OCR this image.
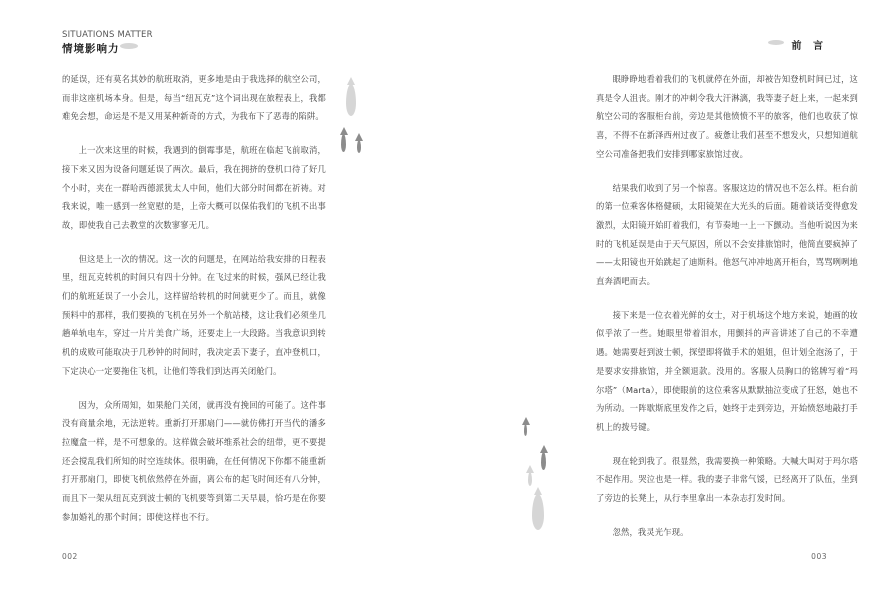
SITUATIONS MATTER
情境影响力

的延误，还有莫名其妙的航班取消，更多地是由于我选择的航空公司，而非这座机场本身。但是，每当“纽瓦克”这个词出现在旅程表上，我都难免会想，命运是不是又用某种新奇的方式，为我布下了恶毒的陷阱。

上一次来这里的时候，我遇到的倒霉事是，航班在临起飞前取消，接下来又因为设备问题延误了两次。最后，我在拥挤的登机口待了好几个小时，夹在一群哈西德派犹太人中间，他们大部分时间都在祈祷。对我来说，唯一感到一丝宽慰的是，上帝大概可以保佑我们的飞机不出事故，即使我自己去教堂的次数寥寥无几。

但这是上一次的情况。这一次的问题是，在网站给我安排的日程表里，纽瓦克转机的时间只有四十分钟。在飞过来的时候，强风已经让我们的航班延误了一小会儿，这样留给转机的时间就更少了。而且，就像预料中的那样，我们要换的飞机在另外一个航站楼，这让我们必须坐几趟单轨电车，穿过一片片美食广场，还要走上一大段路。当我意识到转机的成败可能取决于几秒钟的时间时，我决定丢下妻子，直冲登机口，下定决心一定要拖住飞机，让他们等我们到达再关闭舱门。

因为，众所周知，如果舱门关闭，就再没有挽回的可能了。这件事没有商量余地，无法逆转。重新打开那扇门——就仿佛打开当代的潘多拉魔盒一样，是不可想象的。这样做会破坏维系社会的纽带，更不要提还会搅乱我们所知的时空连续体。很明确，在任何情况下你都不能重新打开那扇门，即使飞机依然停在外面，离公布的起飞时间还有八分钟，而且下一架从纽瓦克到波士顿的飞机要等到第二天早晨，恰巧是在你要参加婚礼的那个时间；即使这样也不行。

002
前 言

眼睁睁地看着我们的飞机就停在外面，却被告知登机时间已过，这真是令人沮丧。刚才的冲刺令我大汗淋漓，我等妻子赶上来，一起来到航空公司的客服柜台前，旁边是其他愤愤不平的旅客，他们也收获了惊喜，不得不在新泽西州过夜了。疲惫让我们甚至不想发火，只想知道航空公司准备把我们安排到哪家旅馆过夜。

结果我们收到了另一个惊喜。客服这边的情况也不怎么样。柜台前的第一位乘客体格健硕，太阳镜架在大光头的后面。随着谈话变得愈发激烈，太阳镜开始盯着我们，有节奏地一上一下颤动。当他听说因为来时的飞机延误是由于天气原因，所以不会安排旅馆时，他简直要疯掉了——太阳镜也开始跳起了迪斯科。他怒气冲冲地离开柜台，骂骂咧咧地直奔酒吧而去。

接下来是一位衣着光鲜的女士，对于机场这个地方来说，她画的妆似乎浓了一些。她眼里带着泪水，用颤抖的声音讲述了自己的不幸遭遇。她需要赶到波士顿，探望即将做手术的姐姐，但计划全泡汤了，于是要求安排旅馆，并全额退款。没用的。客服人员胸口的铭牌写着“玛尔塔”（Marta），即使眼前的这位乘客从默默抽泣变成了狂怒，她也不为所动。一阵歇斯底里发作之后，她终于走到旁边，开始愤怒地敲打手机上的拨号键。

现在轮到我了。很显然，我需要换一种策略。大喊大叫对于玛尔塔不起作用。哭泣也是一样。我的妻子非常气馁，已经离开了队伍，坐到了旁边的长凳上，从行李里拿出一本杂志打发时间。

忽然，我灵光乍现。

003
